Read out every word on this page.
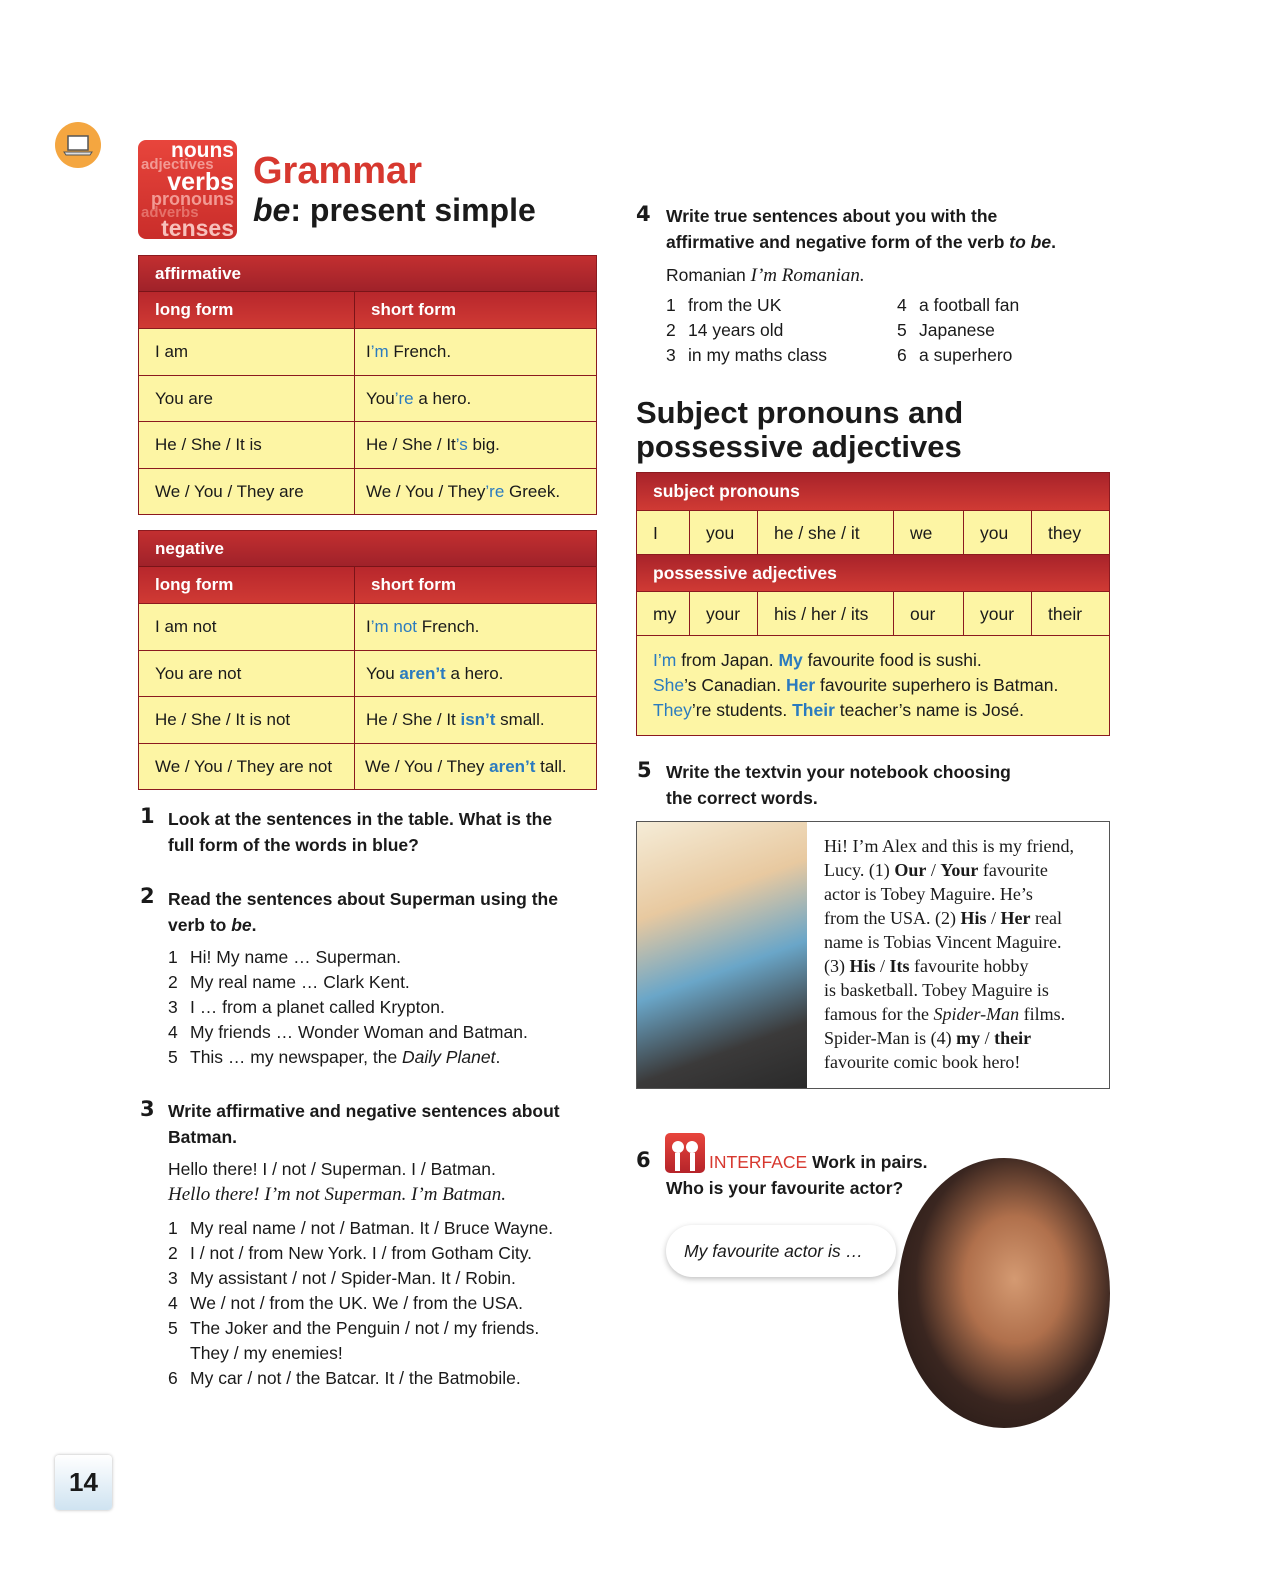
nouns
adjectives
verbs
pronouns
adverbs
tenses
Grammar
be: present simple
affirmative
long form	short form
I am	I’m French.
You are	You’re a hero.
He / She / It is	He / She / It’s big.
We / You / They are	We / You / They’re Greek.
negative
long form	short form
I am not	I’m not French.
You are not	You aren’t a hero.
He / She / It is not	He / She / It isn’t small.
We / You / They are not	We / You / They aren’t tall.
1 Look at the sentences in the table. What is the
full form of the words in blue?
2 Read the sentences about Superman using the
verb to be.
1 Hi! My name … Superman.
2 My real name … Clark Kent.
3 I … from a planet called Krypton.
4 My friends … Wonder Woman and Batman.
5 This … my newspaper, the Daily Planet.
3 Write affirmative and negative sentences about
Batman.
Hello there! I / not / Superman. I / Batman.
Hello there! I’m not Superman. I’m Batman.
1 My real name / not / Batman. It / Bruce Wayne.
2 I / not / from New York. I / from Gotham City.
3 My assistant / not / Spider-Man. It / Robin.
4 We / not / from the UK. We / from the USA.
5 The Joker and the Penguin / not / my friends.
They / my enemies!
6 My car / not / the Batcar. It / the Batmobile.
4 Write true sentences about you with the
affirmative and negative form of the verb to be.
Romanian I’m Romanian.
1 from the UK
2 14 years old
3 in my maths class
4 a football fan
5 Japanese
6 a superhero
Subject pronouns and
possessive adjectives
subject pronouns
I	you	he / she / it	we	you	they
possessive adjectives
my	your	his / her / its	our	your	their
I’m from Japan. My favourite food is sushi.
She’s Canadian. Her favourite superhero is Batman.
They’re students. Their teacher’s name is José.
5 Write the textvin your notebook choosing
the correct words.
Hi! I’m Alex and this is my friend,
Lucy. (1) Our / Your favourite
actor is Tobey Maguire. He’s
from the USA. (2) His / Her real
name is Tobias Vincent Maguire.
(3) His / Its favourite hobby
is basketball. Tobey Maguire is
famous for the Spider-Man films.
Spider-Man is (4) my / their
favourite comic book hero!
6	INTERFACE Work in pairs.
Who is your favourite actor?
My favourite actor is …
14
